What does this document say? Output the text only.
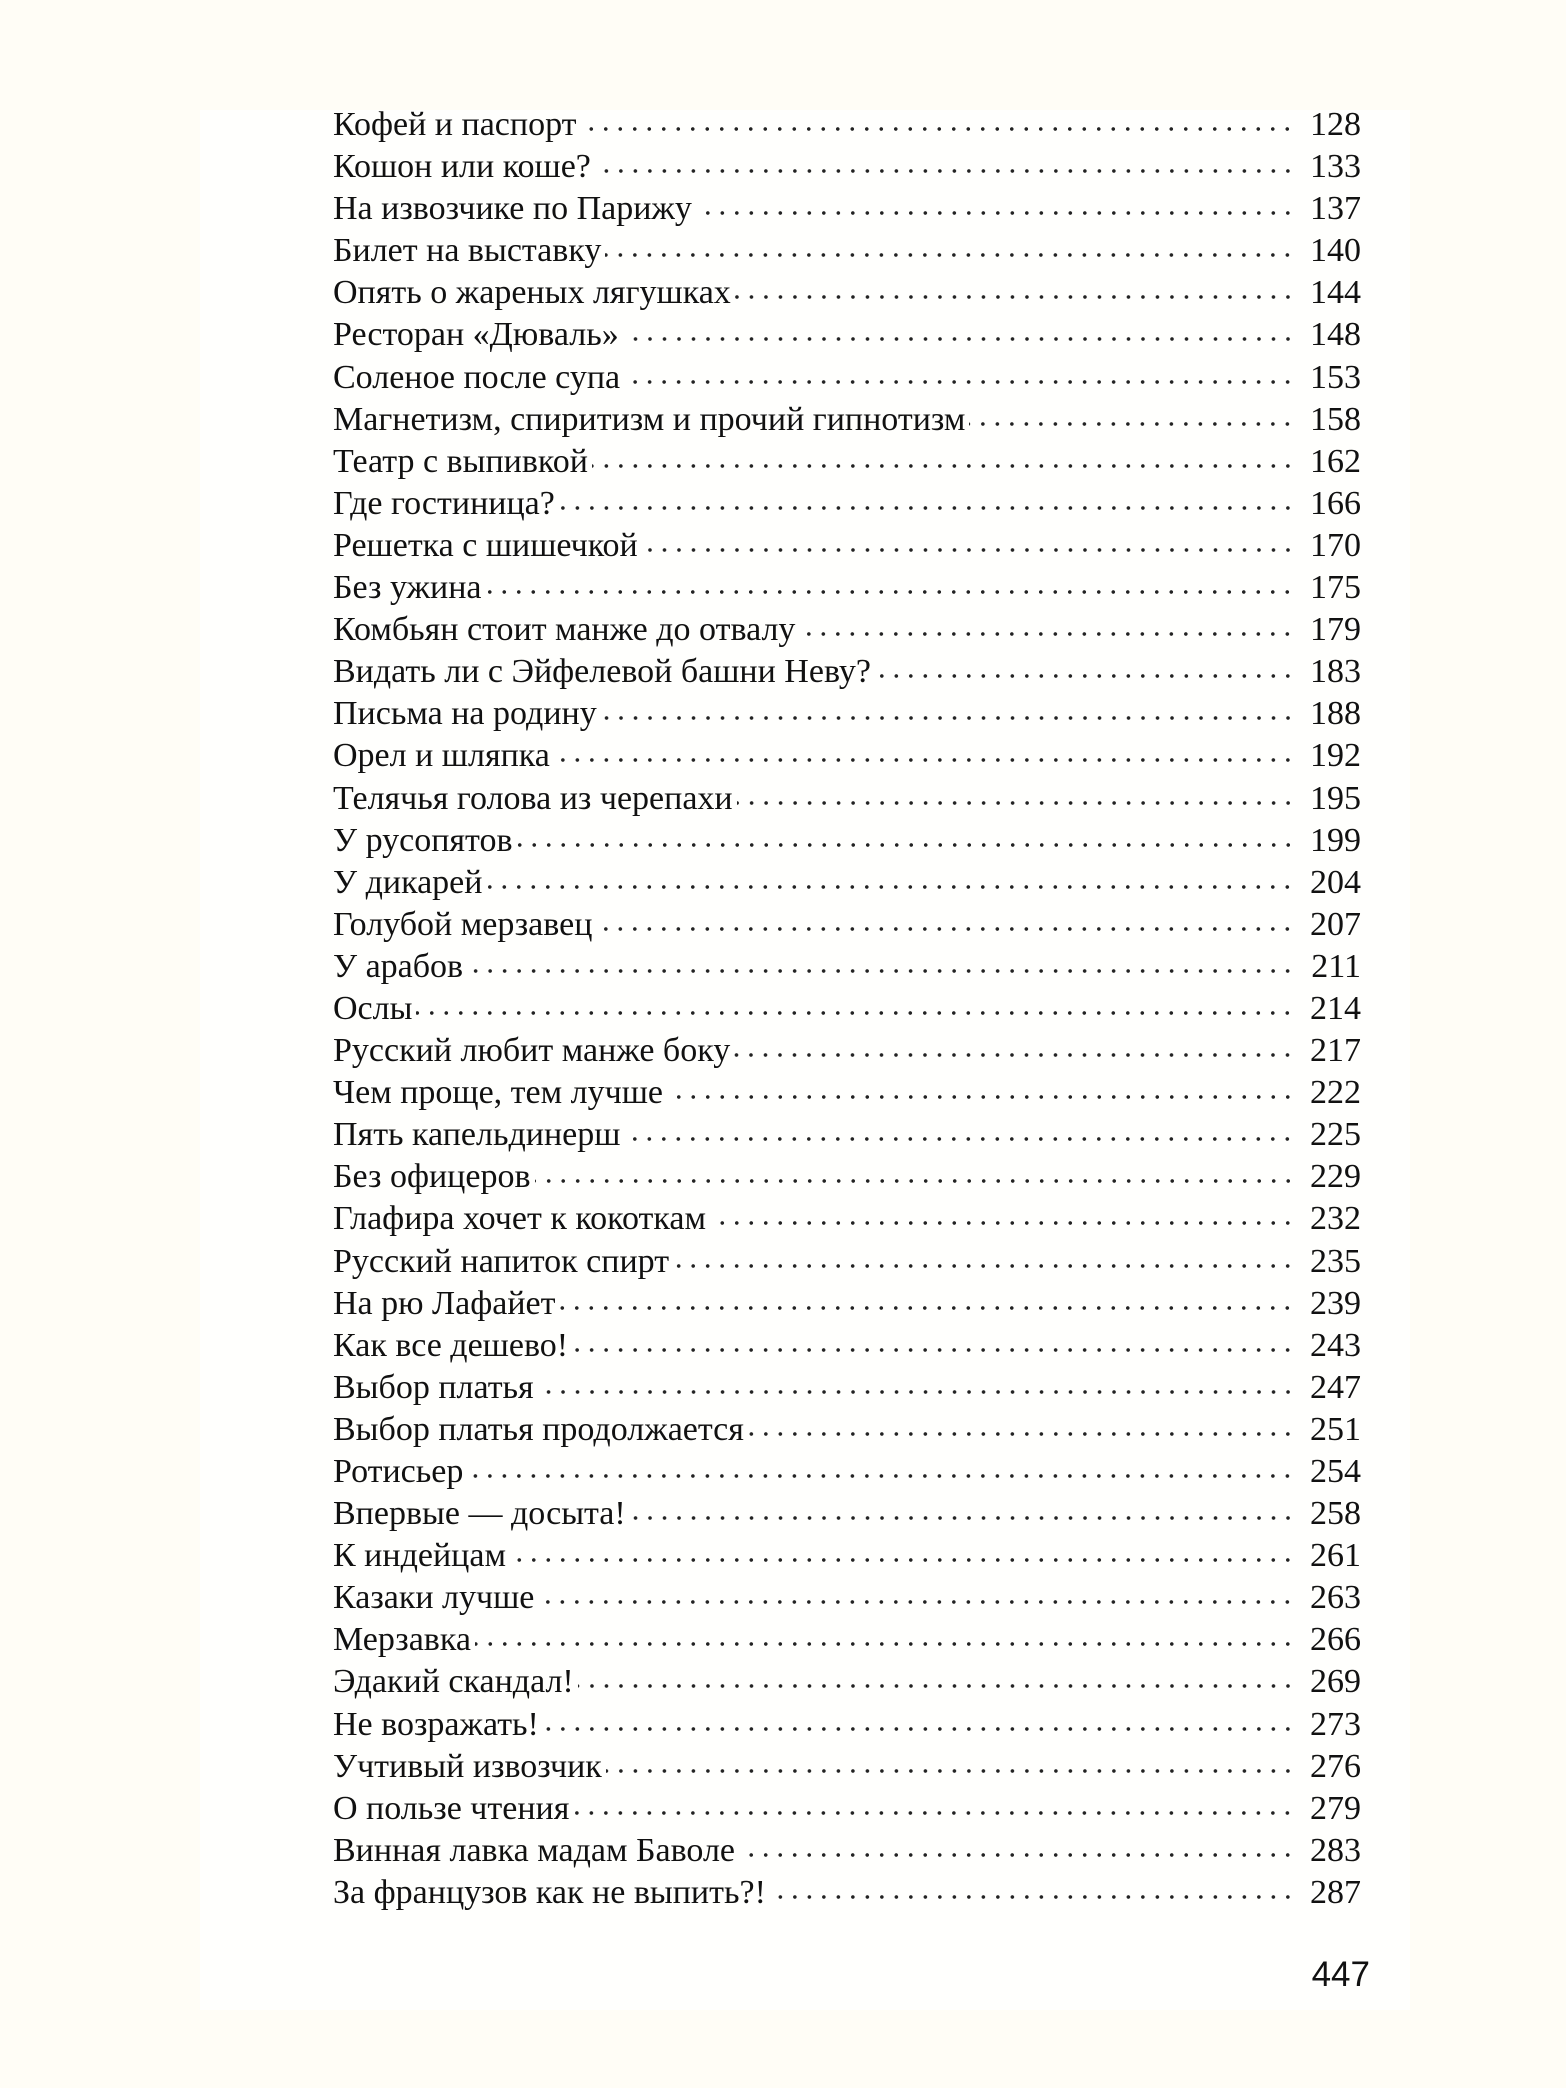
Кофей и паспорт	128
Кошон или коше?	133
На извозчике по Парижу	137
Билет на выставку	140
Опять о жареных лягушках	144
Ресторан «Дюваль»	148
Соленое после супа	153
Магнетизм, спиритизм и прочий гипнотизм	158
Театр с выпивкой	162
Где гостиница?	166
Решетка с шишечкой	170
Без ужина	175
Комбьян стоит манже до отвалу	179
Видать ли с Эйфелевой башни Неву?	183
Письма на родину	188
Орел и шляпка	192
Телячья голова из черепахи	195
У русопятов	199
У дикарей	204
Голубой мерзавец	207
У арабов	211
Ослы	214
Русский любит манже боку	217
Чем проще, тем лучше	222
Пять капельдинерш	225
Без офицеров	229
Глафира хочет к кокоткам	232
Русский напиток спирт	235
На рю Лафайет	239
Как все дешево!	243
Выбор платья	247
Выбор платья продолжается	251
Ротисьер	254
Впервые — досыта!	258
К индейцам	261
Казаки лучше	263
Мерзавка	266
Эдакий скандал!	269
Не возражать!	273
Учтивый извозчик	276
О пользе чтения	279
Винная лавка мадам Баволе	283
За французов как не выпить?!	287
447
